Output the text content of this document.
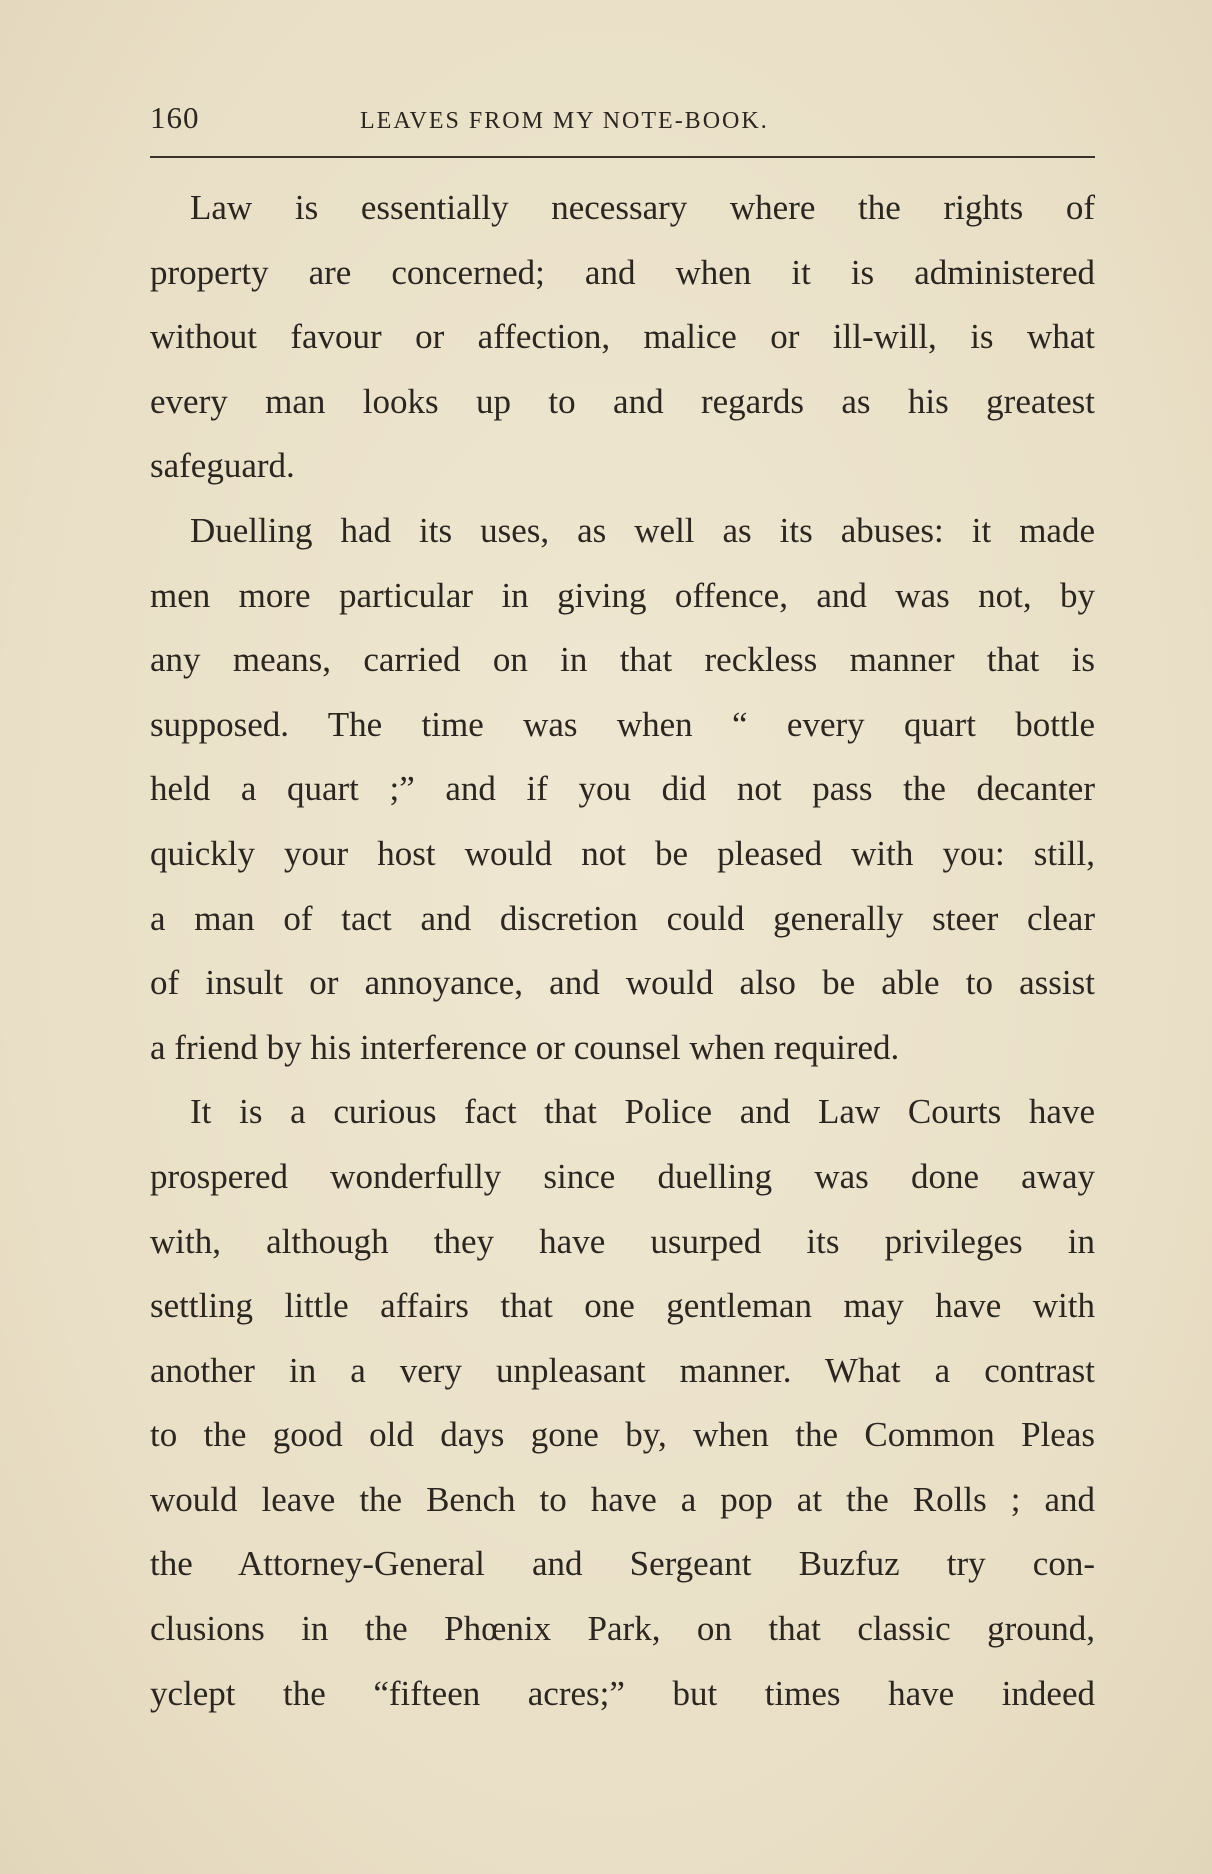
160	LEAVES FROM MY NOTE-BOOK.

Law is essentially necessary where the rights of
property are concerned; and when it is administered
without favour or affection, malice or ill-will, is what
every man looks up to and regards as his greatest
safeguard.

Duelling had its uses, as well as its abuses: it made
men more particular in giving offence, and was not, by
any means, carried on in that reckless manner that is
supposed. The time was when “ every quart bottle
held a quart ;” and if you did not pass the decanter
quickly your host would not be pleased with you: still,
a man of tact and discretion could generally steer clear
of insult or annoyance, and would also be able to assist
a friend by his interference or counsel when required.

It is a curious fact that Police and Law Courts have
prospered wonderfully since duelling was done away
with, although they have usurped its privileges in
settling little affairs that one gentleman may have with
another in a very unpleasant manner. What a contrast
to the good old days gone by, when the Common Pleas
would leave the Bench to have a pop at the Rolls ; and
the Attorney-General and Sergeant Buzfuz try con-
clusions in the Phœnix Park, on that classic ground,
yclept the “fifteen acres;” but times have indeed
